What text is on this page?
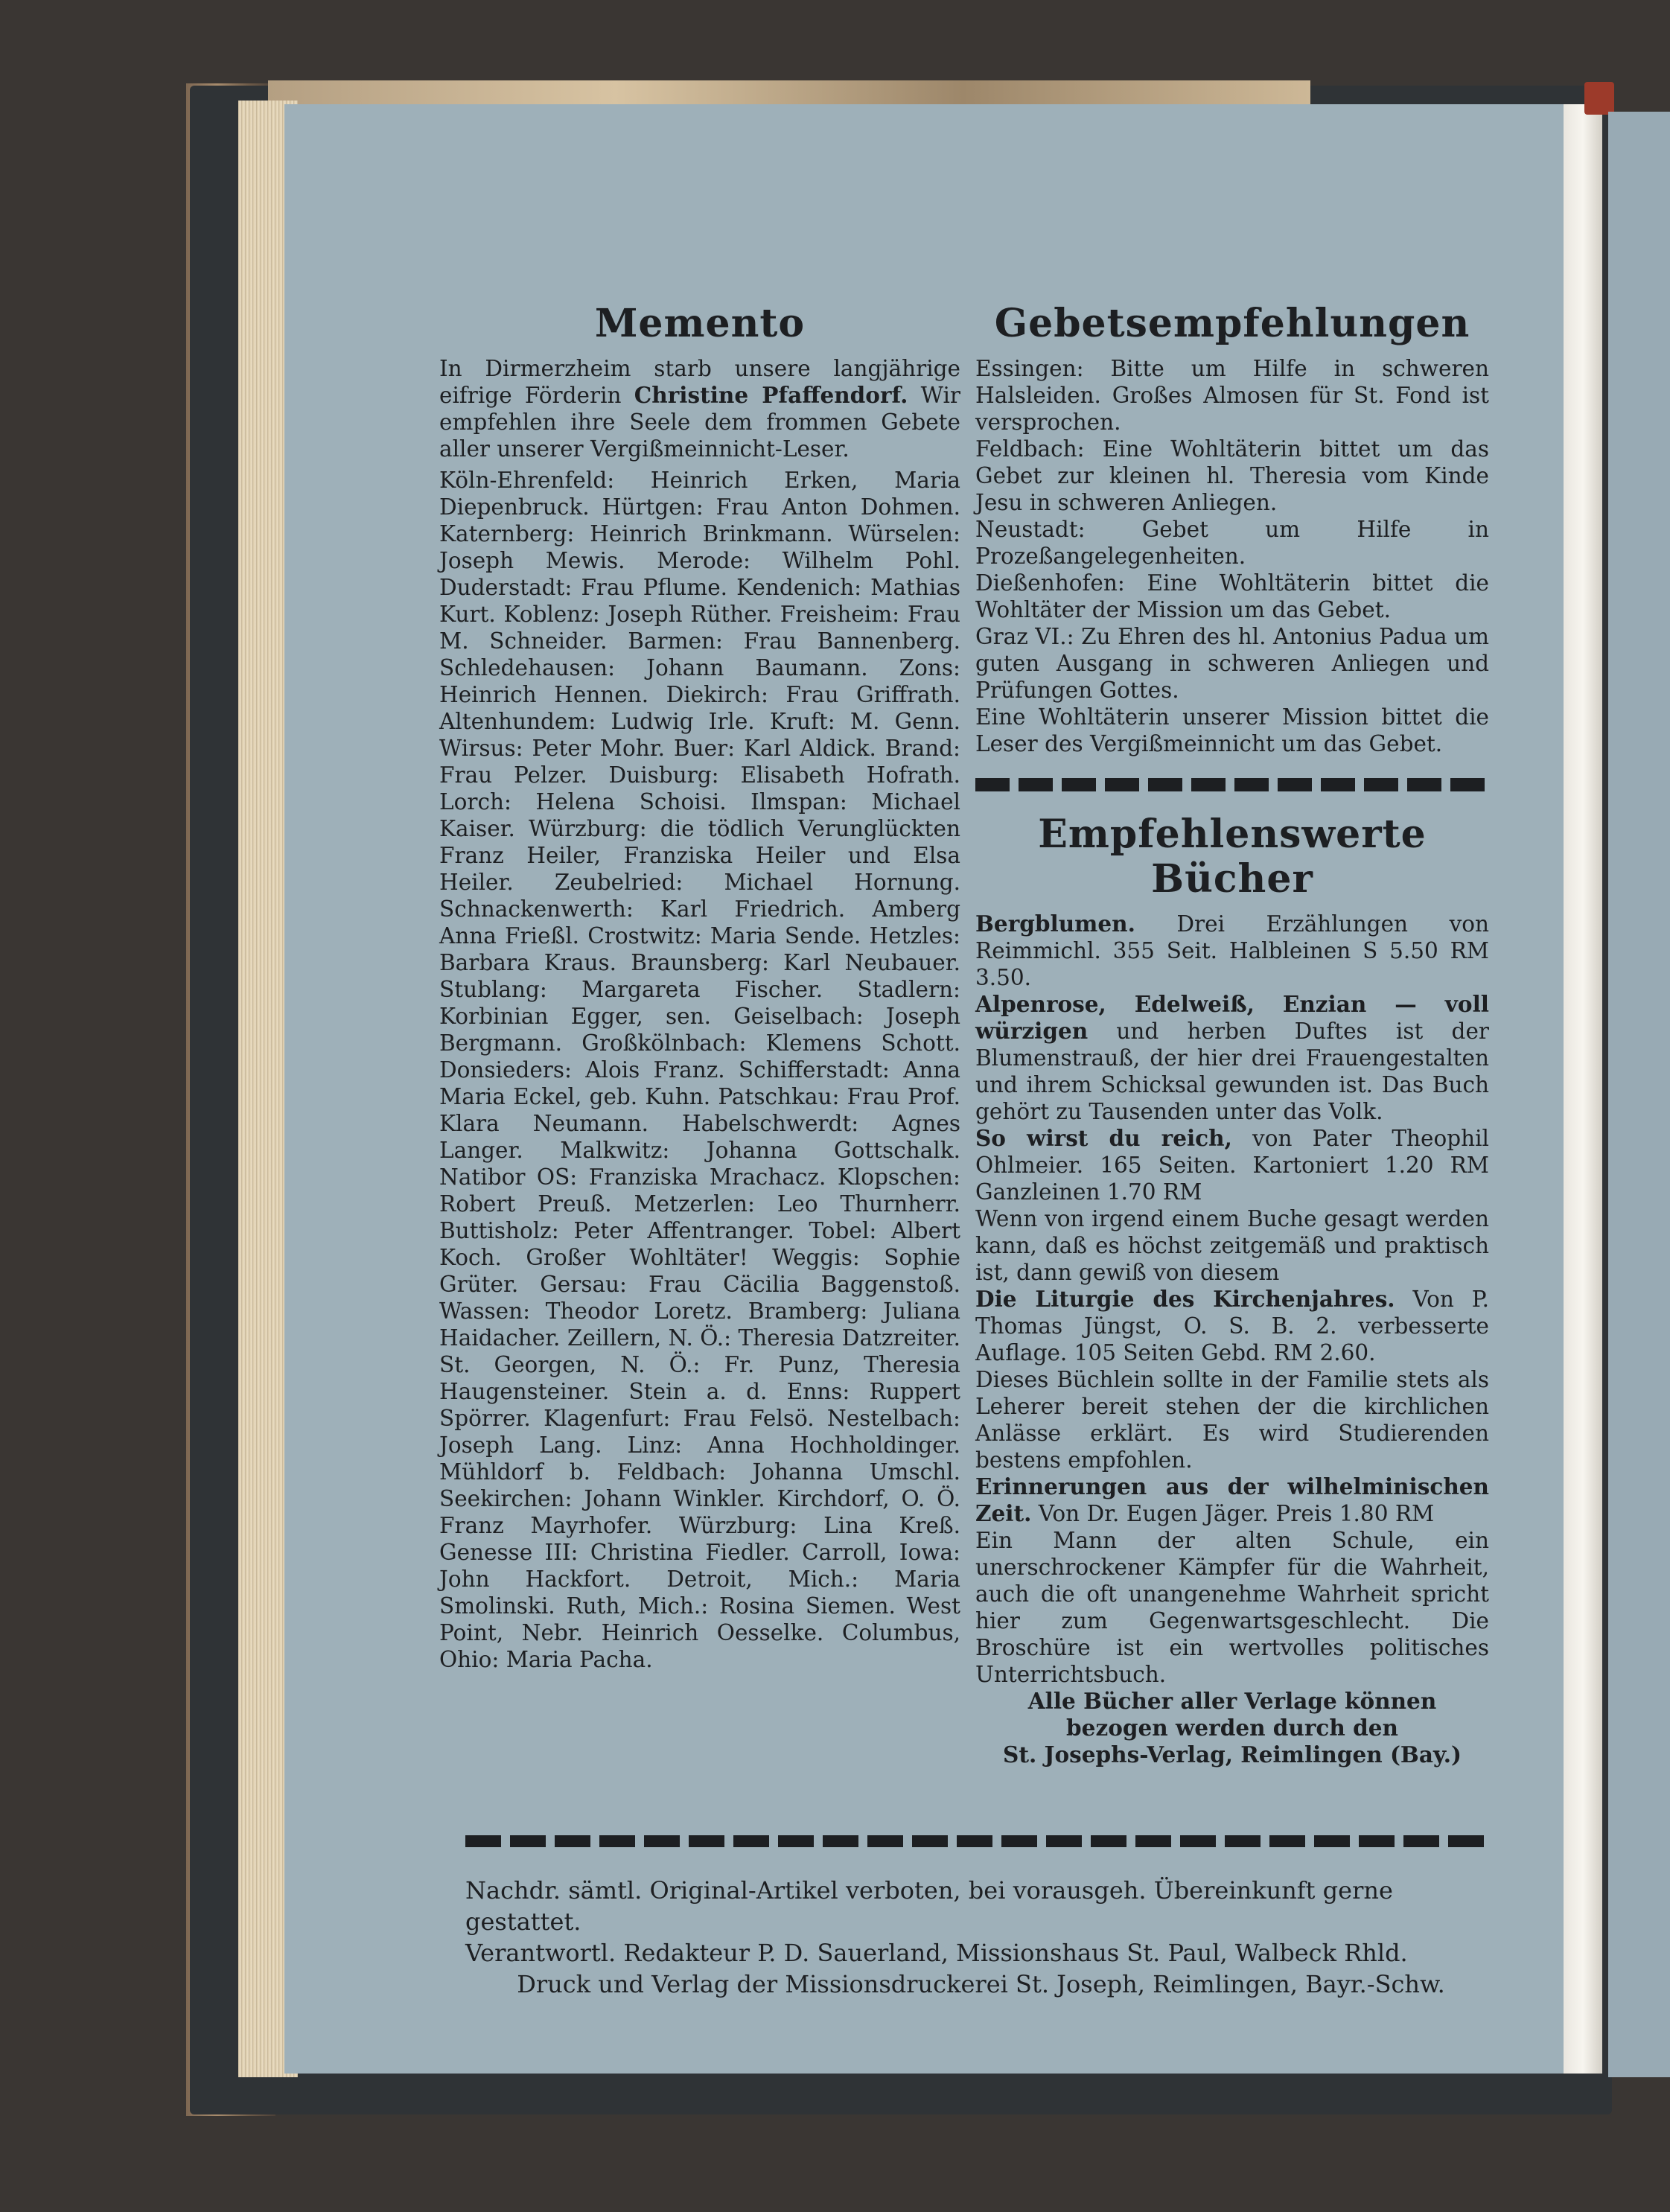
Memento

In Dirmerzheim starb unsere langjährige eifrige Förderin Christine Pfaffendorf. Wir empfehlen ihre Seele dem frommen Gebete aller unserer Vergißmeinnicht-Leser.

Köln-Ehrenfeld: Heinrich Erken, Maria Diepenbruck. Hürtgen: Frau Anton Dohmen. Katernberg: Heinrich Brinkmann. Würselen: Joseph Mewis. Merode: Wilhelm Pohl. Duderstadt: Frau Pflume. Kendenich: Mathias Kurt. Koblenz: Joseph Rüther. Freisheim: Frau M. Schneider. Barmen: Frau Bannenberg. Schledehausen: Johann Baumann. Zons: Heinrich Hennen. Diekirch: Frau Griffrath. Altenhundem: Ludwig Irle. Kruft: M. Genn. Wirsus: Peter Mohr. Buer: Karl Aldick. Brand: Frau Pelzer. Duisburg: Elisabeth Hofrath. Lorch: Helena Schoisi. Ilmspan: Michael Kaiser. Würzburg: die tödlich Verunglückten Franz Heiler, Franziska Heiler und Elsa Heiler. Zeubelried: Michael Hornung. Schnackenwerth: Karl Friedrich. Amberg Anna Frießl. Crostwitz: Maria Sende. Hetzles: Barbara Kraus. Braunsberg: Karl Neubauer. Stublang: Margareta Fischer. Stadlern: Korbinian Egger, sen. Geiselbach: Joseph Bergmann. Großkölnbach: Klemens Schott. Donsieders: Alois Franz. Schifferstadt: Anna Maria Eckel, geb. Kuhn. Patschkau: Frau Prof. Klara Neumann. Habelschwerdt: Agnes Langer. Malkwitz: Johanna Gottschalk. Natibor OS: Franziska Mrachacz. Klopschen: Robert Preuß. Metzerlen: Leo Thurnherr. Buttisholz: Peter Affentranger. Tobel: Albert Koch. Großer Wohltäter! Weggis: Sophie Grüter. Gersau: Frau Cäcilia Baggenstoß. Wassen: Theodor Loretz. Bramberg: Juliana Haidacher. Zeillern, N. Ö.: Theresia Datzreiter. St. Georgen, N. Ö.: Fr. Punz, Theresia Haugensteiner. Stein a. d. Enns: Ruppert Spörrer. Klagenfurt: Frau Felsö. Nestelbach: Joseph Lang. Linz: Anna Hochholdinger. Mühldorf b. Feldbach: Johanna Umschl. Seekirchen: Johann Winkler. Kirchdorf, O. Ö. Franz Mayrhofer. Würzburg: Lina Kreß. Genesse III: Christina Fiedler. Carroll, Iowa: John Hackfort. Detroit, Mich.: Maria Smolinski. Ruth, Mich.: Rosina Siemen. West Point, Nebr. Heinrich Oesselke. Columbus, Ohio: Maria Pacha.

Gebetsempfehlungen

Essingen: Bitte um Hilfe in schweren Halsleiden. Großes Almosen für St. Fond ist versprochen.

Feldbach: Eine Wohltäterin bittet um das Gebet zur kleinen hl. Theresia vom Kinde Jesu in schweren Anliegen.

Neustadt: Gebet um Hilfe in Prozeßangelegenheiten.

Dießenhofen: Eine Wohltäterin bittet die Wohltäter der Mission um das Gebet.

Graz VI.: Zu Ehren des hl. Antonius Padua um guten Ausgang in schweren Anliegen und Prüfungen Gottes.

Eine Wohltäterin unserer Mission bittet die Leser des Vergißmeinnicht um das Gebet.

Empfehlenswerte Bücher

Bergblumen. Drei Erzählungen von Reimmichl. 355 Seit. Halbleinen S 5.50 RM 3.50.

Alpenrose, Edelweiß, Enzian — voll würzigen und herben Duftes ist der Blumenstrauß, der hier drei Frauengestalten und ihrem Schicksal gewunden ist. Das Buch gehört zu Tausenden unter das Volk.

So wirst du reich, von Pater Theophil Ohlmeier. 165 Seiten. Kartoniert 1.20 RM Ganzleinen 1.70 RM

Wenn von irgend einem Buche gesagt werden kann, daß es höchst zeitgemäß und praktisch ist, dann gewiß von diesem

Die Liturgie des Kirchenjahres. Von P. Thomas Jüngst, O. S. B. 2. verbesserte Auflage. 105 Seiten Gebd. RM 2.60.

Dieses Büchlein sollte in der Familie stets als Leherer bereit stehen der die kirchlichen Anlässe erklärt. Es wird Studierenden bestens empfohlen.

Erinnerungen aus der wilhelminischen Zeit. Von Dr. Eugen Jäger. Preis 1.80 RM

Ein Mann der alten Schule, ein unerschrockener Kämpfer für die Wahrheit, auch die oft unangenehme Wahrheit spricht hier zum Gegenwartsgeschlecht. Die Broschüre ist ein wertvolles politisches Unterrichtsbuch.

Alle Bücher aller Verlage können

bezogen werden durch den

St. Josephs-Verlag, Reimlingen (Bay.)

Nachdr. sämtl. Original-Artikel verboten, bei vorausgeh. Übereinkunft gerne gestattet.
Verantwortl. Redakteur P. D. Sauerland, Missionshaus St. Paul, Walbeck Rhld.
Druck und Verlag der Missionsdruckerei St. Joseph, Reimlingen, Bayr.-Schw.
